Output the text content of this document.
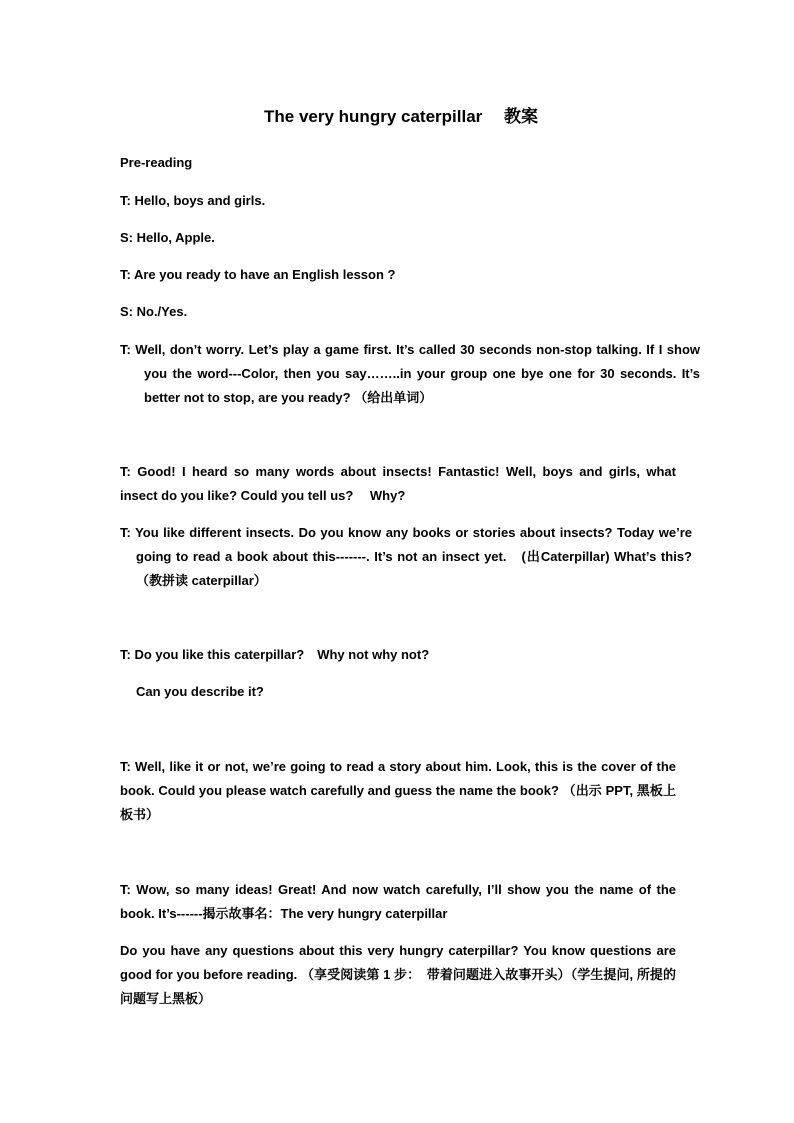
The very hungry caterpillar　 教案
Pre-reading
T: Hello, boys and girls.
S: Hello, Apple.
T: Are you ready to have an English lesson ?
S: No./Yes.
T: Well, don’t worry. Let’s play a game first. It’s called 30 seconds non-stop talking. If I show you the word---Color, then you say……..in your group one bye one for 30 seconds. It’s better not to stop, are you ready? （给出单词）
T: Good! I heard so many words about insects! Fantastic! Well, boys and girls, what insect do you like? Could you tell us?　 Why?
T: You like different insects. Do you know any books or stories about insects? Today we’re going to read a book about this-------. It’s not an insect yet.　(出Caterpillar) What’s this? （教拼读 caterpillar）
T: Do you like this caterpillar?　Why not why not?
Can you describe it?
T: Well, like it or not, we’re going to read a story about him. Look, this is the cover of the book. Could you please watch carefully and guess the name the book? （出示 PPT, 黑板上板书）
T: Wow, so many ideas! Great! And now watch carefully, I’ll show you the name of the book. It’s------揭示故事名：The very hungry caterpillar
Do you have any questions about this very hungry caterpillar? You know questions are good for you before reading. （享受阅读第 1 步：　带着问题进入故事开头）（学生提问, 所提的问题写上黑板）
